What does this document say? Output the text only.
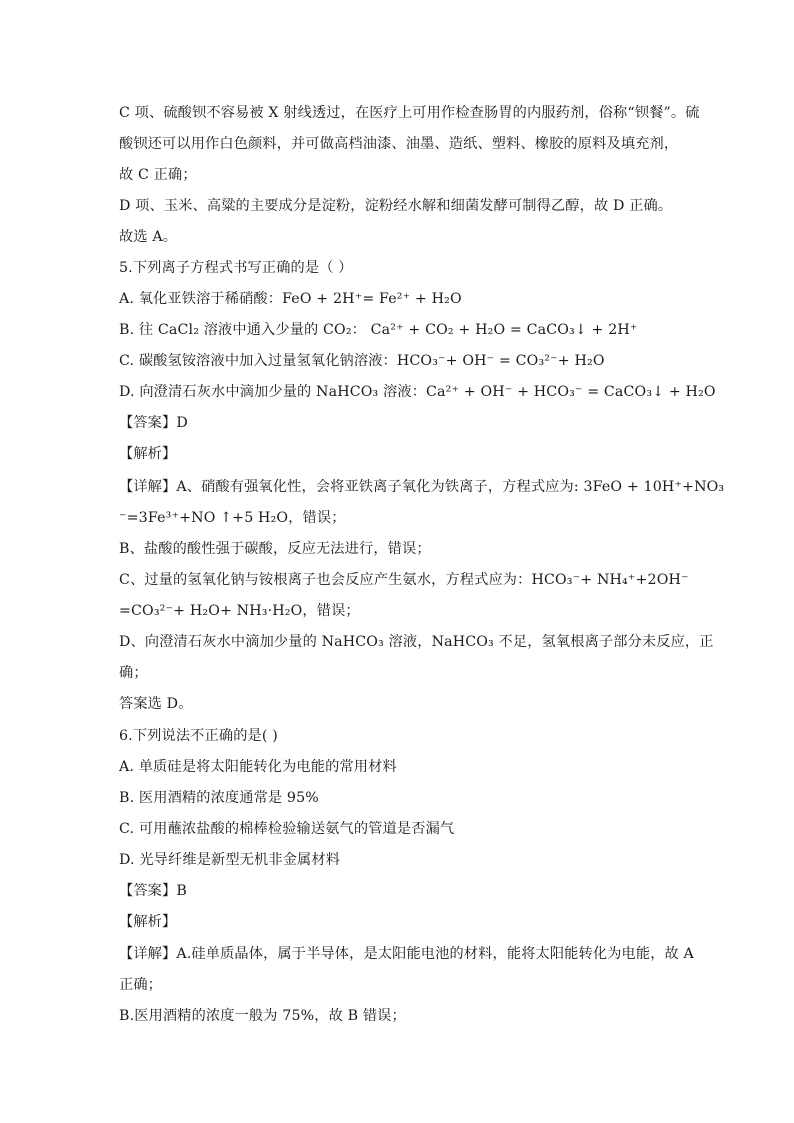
C 项、硫酸钡不容易被 X 射线透过，在医疗上可用作检查肠胃的内服药剂，俗称“钡餐”。硫
酸钡还可以用作白色颜料，并可做高档油漆、油墨、造纸、塑料、橡胶的原料及填充剂，
故 C 正确；
D 项、玉米、高粱的主要成分是淀粉，淀粉经水解和细菌发酵可制得乙醇，故 D 正确。
故选 A。
5.下列离子方程式书写正确的是（ ）
A. 氧化亚铁溶于稀硝酸：FeO + 2H⁺= Fe²⁺ + H₂O
B. 往 CaCl₂ 溶液中通入少量的 CO₂： Ca²⁺ + CO₂ + H₂O = CaCO₃↓ + 2H⁺
C. 碳酸氢铵溶液中加入过量氢氧化钠溶液：HCO₃⁻+ OH⁻ = CO₃²⁻+ H₂O
D. 向澄清石灰水中滴加少量的 NaHCO₃ 溶液：Ca²⁺ + OH⁻ + HCO₃⁻ = CaCO₃↓ + H₂O
【答案】D
【解析】
【详解】A、硝酸有强氧化性，会将亚铁离子氧化为铁离子，方程式应为: 3FeO + 10H⁺+NO₃
⁻=3Fe³⁺+NO ↑+5 H₂O，错误；
B、盐酸的酸性强于碳酸，反应无法进行，错误；
C、过量的氢氧化钠与铵根离子也会反应产生氨水，方程式应为：HCO₃⁻+ NH₄⁺+2OH⁻
=CO₃²⁻+ H₂O+ NH₃·H₂O，错误；
D、向澄清石灰水中滴加少量的 NaHCO₃ 溶液，NaHCO₃ 不足，氢氧根离子部分未反应，正
确；
答案选 D。
6.下列说法不正确的是( )
A. 单质硅是将太阳能转化为电能的常用材料
B. 医用酒精的浓度通常是 95%
C. 可用蘸浓盐酸的棉棒检验输送氨气的管道是否漏气
D. 光导纤维是新型无机非金属材料
【答案】B
【解析】
【详解】A.硅单质晶体，属于半导体，是太阳能电池的材料，能将太阳能转化为电能，故 A
正确；
B.医用酒精的浓度一般为 75%，故 B 错误；
